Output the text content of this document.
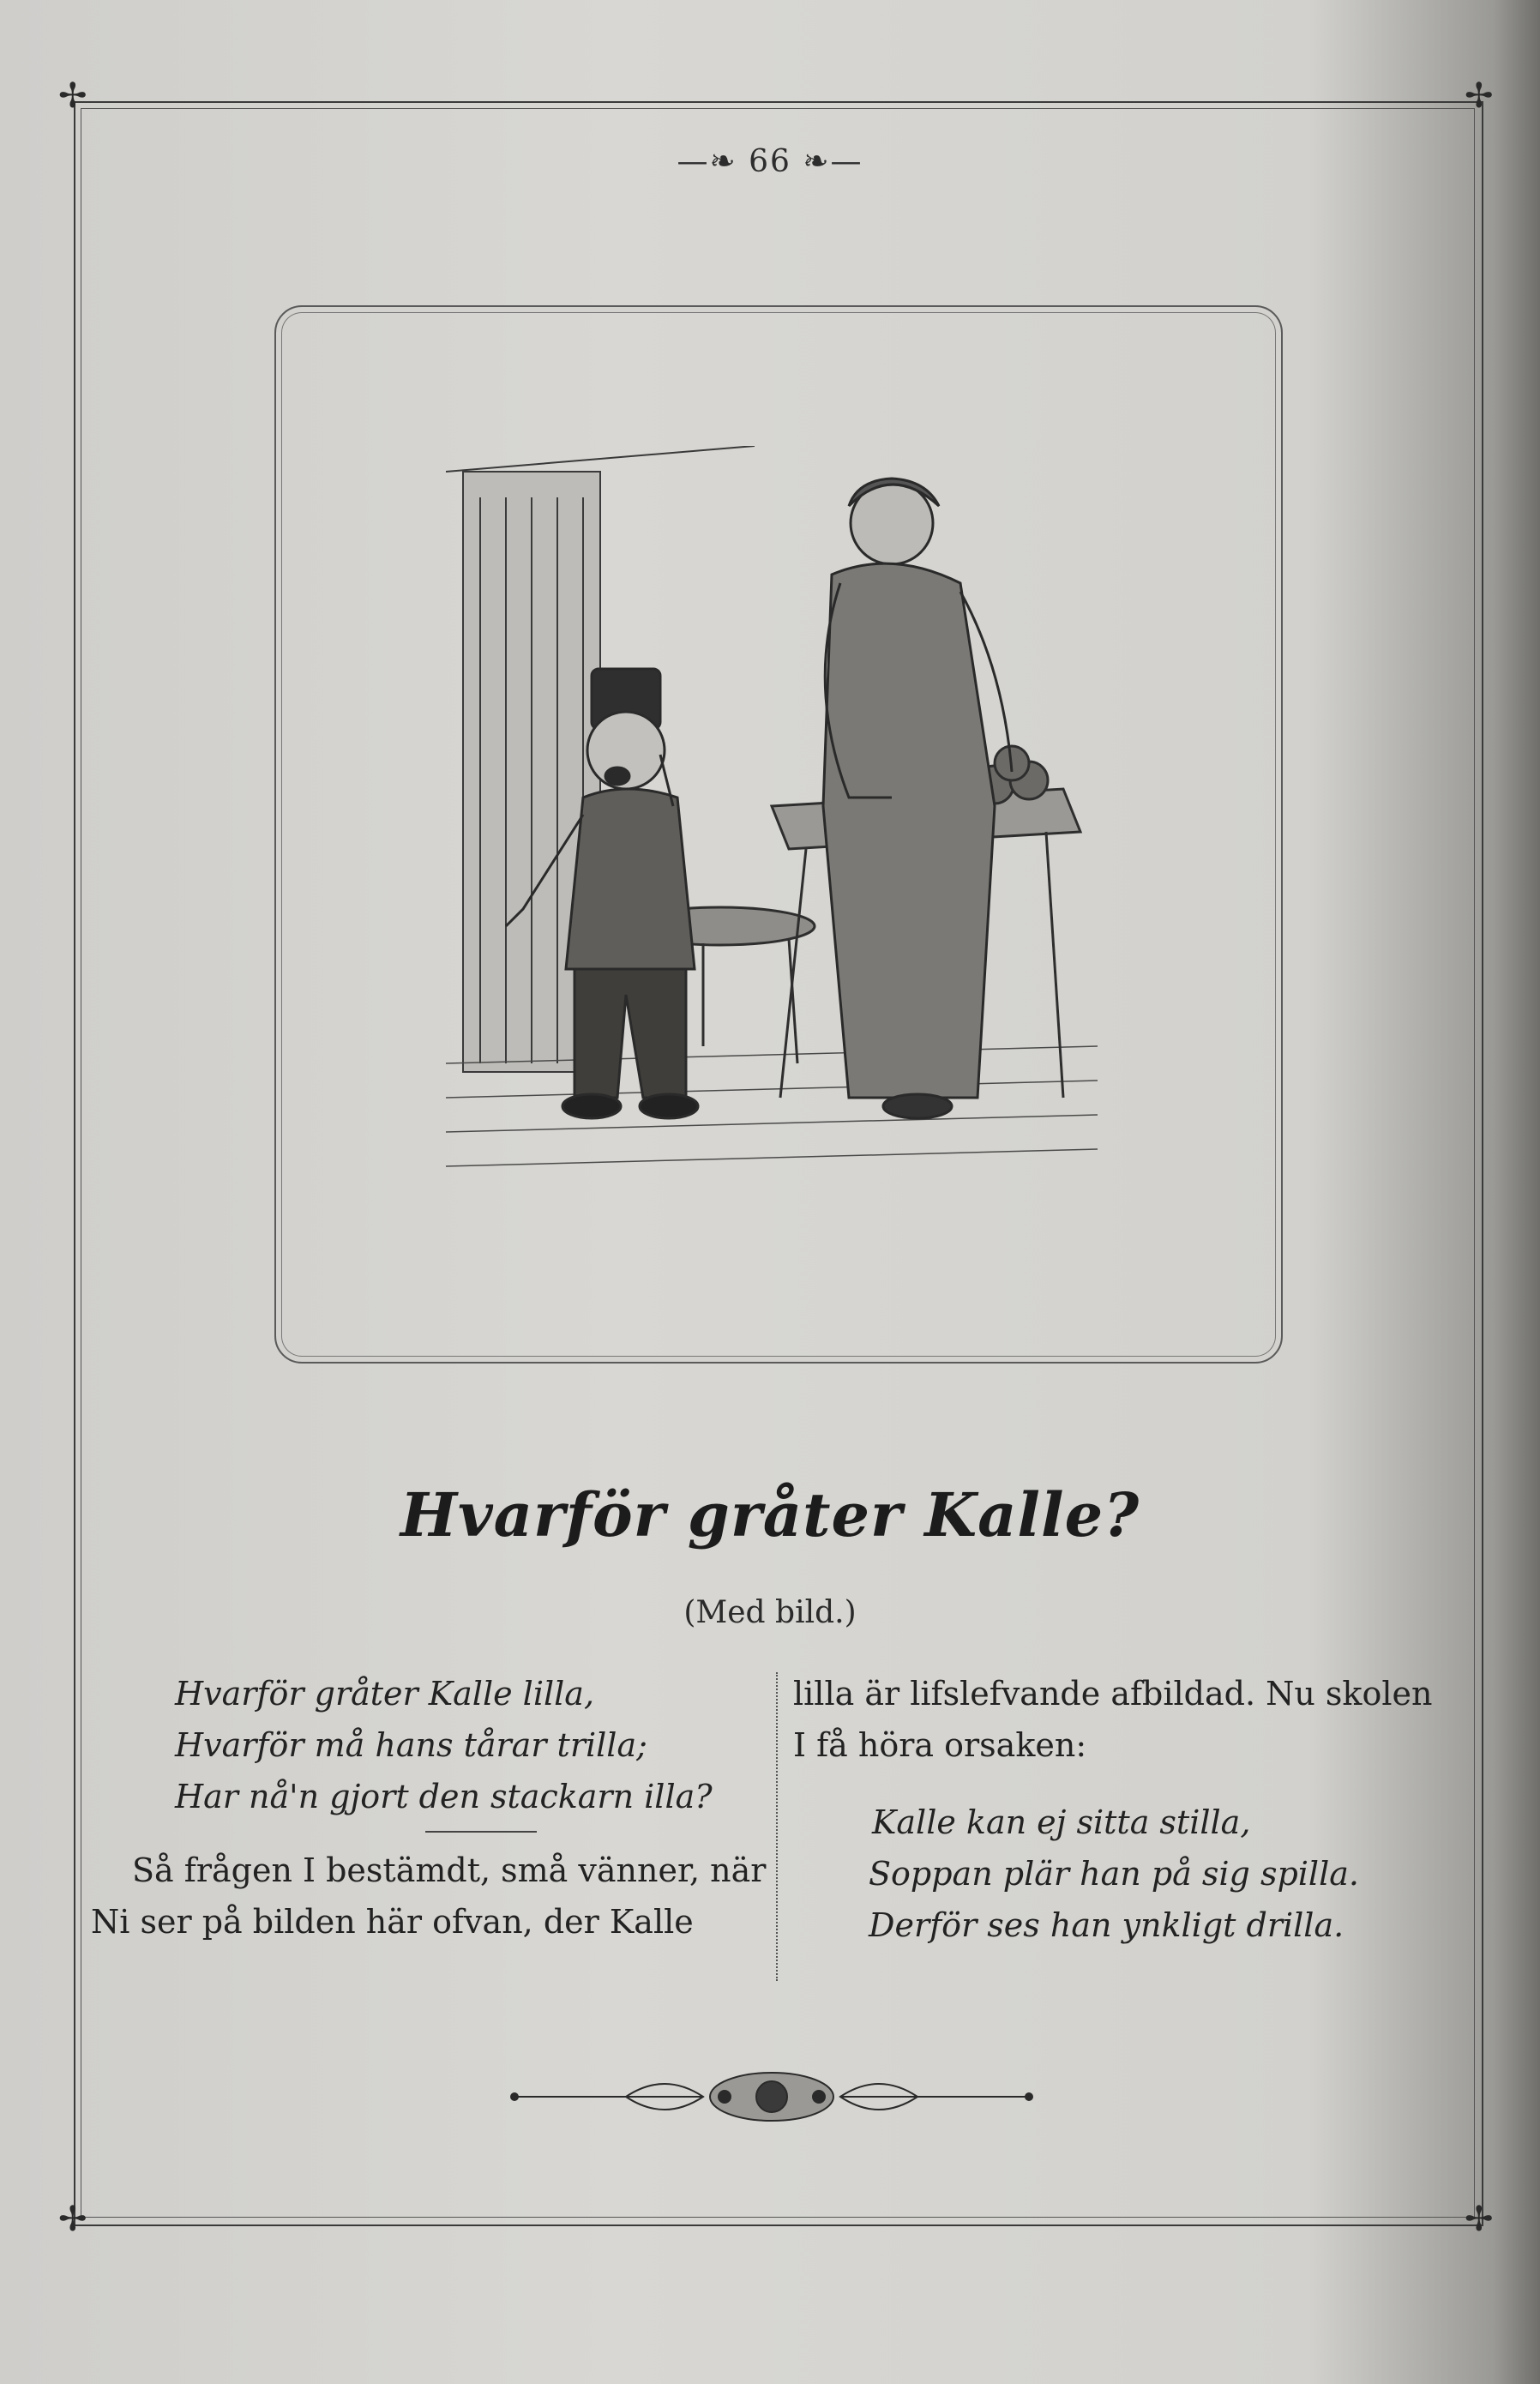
✢	✢
✢	✢
—❧ 66 ❧—
Hvarför gråter Kalle?
(Med bild.)
Hvarför gråter Kalle lilla,
Hvarför må hans tårar trilla;
Har nå'n gjort den stackarn illa?
Så frågen I bestämdt, små vänner, när
Ni ser på bilden här ofvan, der Kalle
lilla är lifslefvande afbildad. Nu skolen
I få höra orsaken:
Kalle kan ej sitta stilla,
Soppan plär han på sig spilla.
Derför ses han ynkligt drilla.
